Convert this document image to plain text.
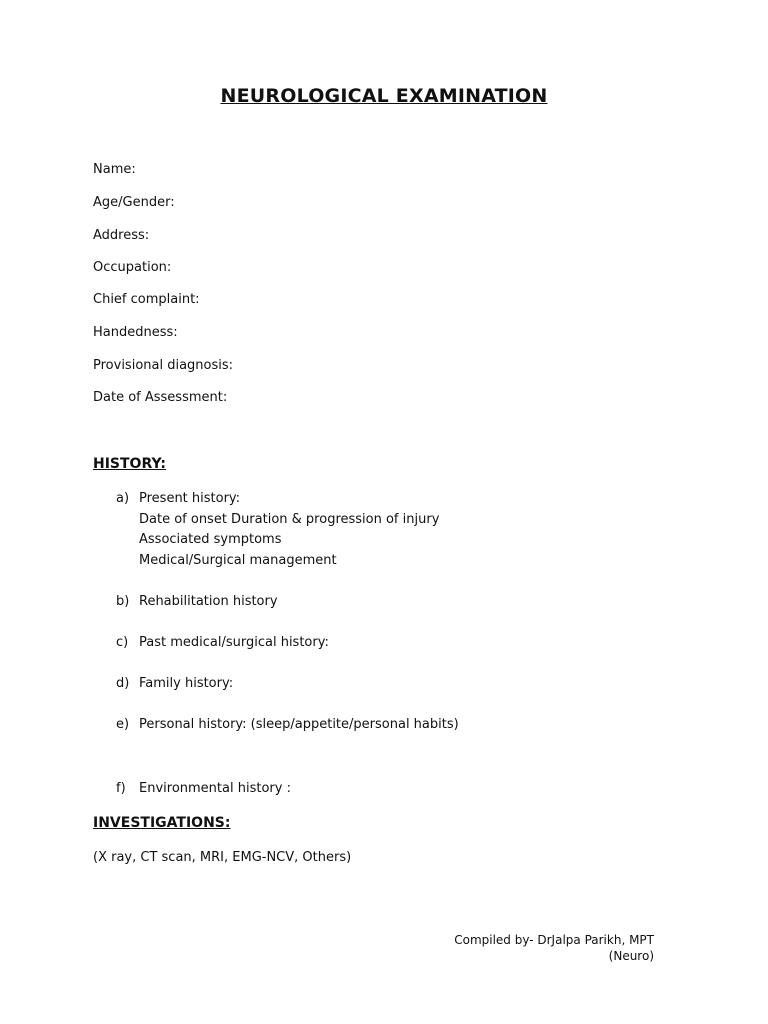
NEUROLOGICAL EXAMINATION
Name:
Age/Gender:
Address:
Occupation:
Chief complaint:
Handedness:
Provisional diagnosis:
Date of Assessment:
HISTORY:
a) Present history:
Date of onset Duration & progression of injury
Associated symptoms
Medical/Surgical management
b) Rehabilitation history
c) Past medical/surgical history:
d) Family history:
e) Personal history: (sleep/appetite/personal habits)
f) Environmental history :
INVESTIGATIONS:
(X ray, CT scan, MRI, EMG-NCV, Others)
Compiled by- DrJalpa Parikh, MPT
(Neuro)
